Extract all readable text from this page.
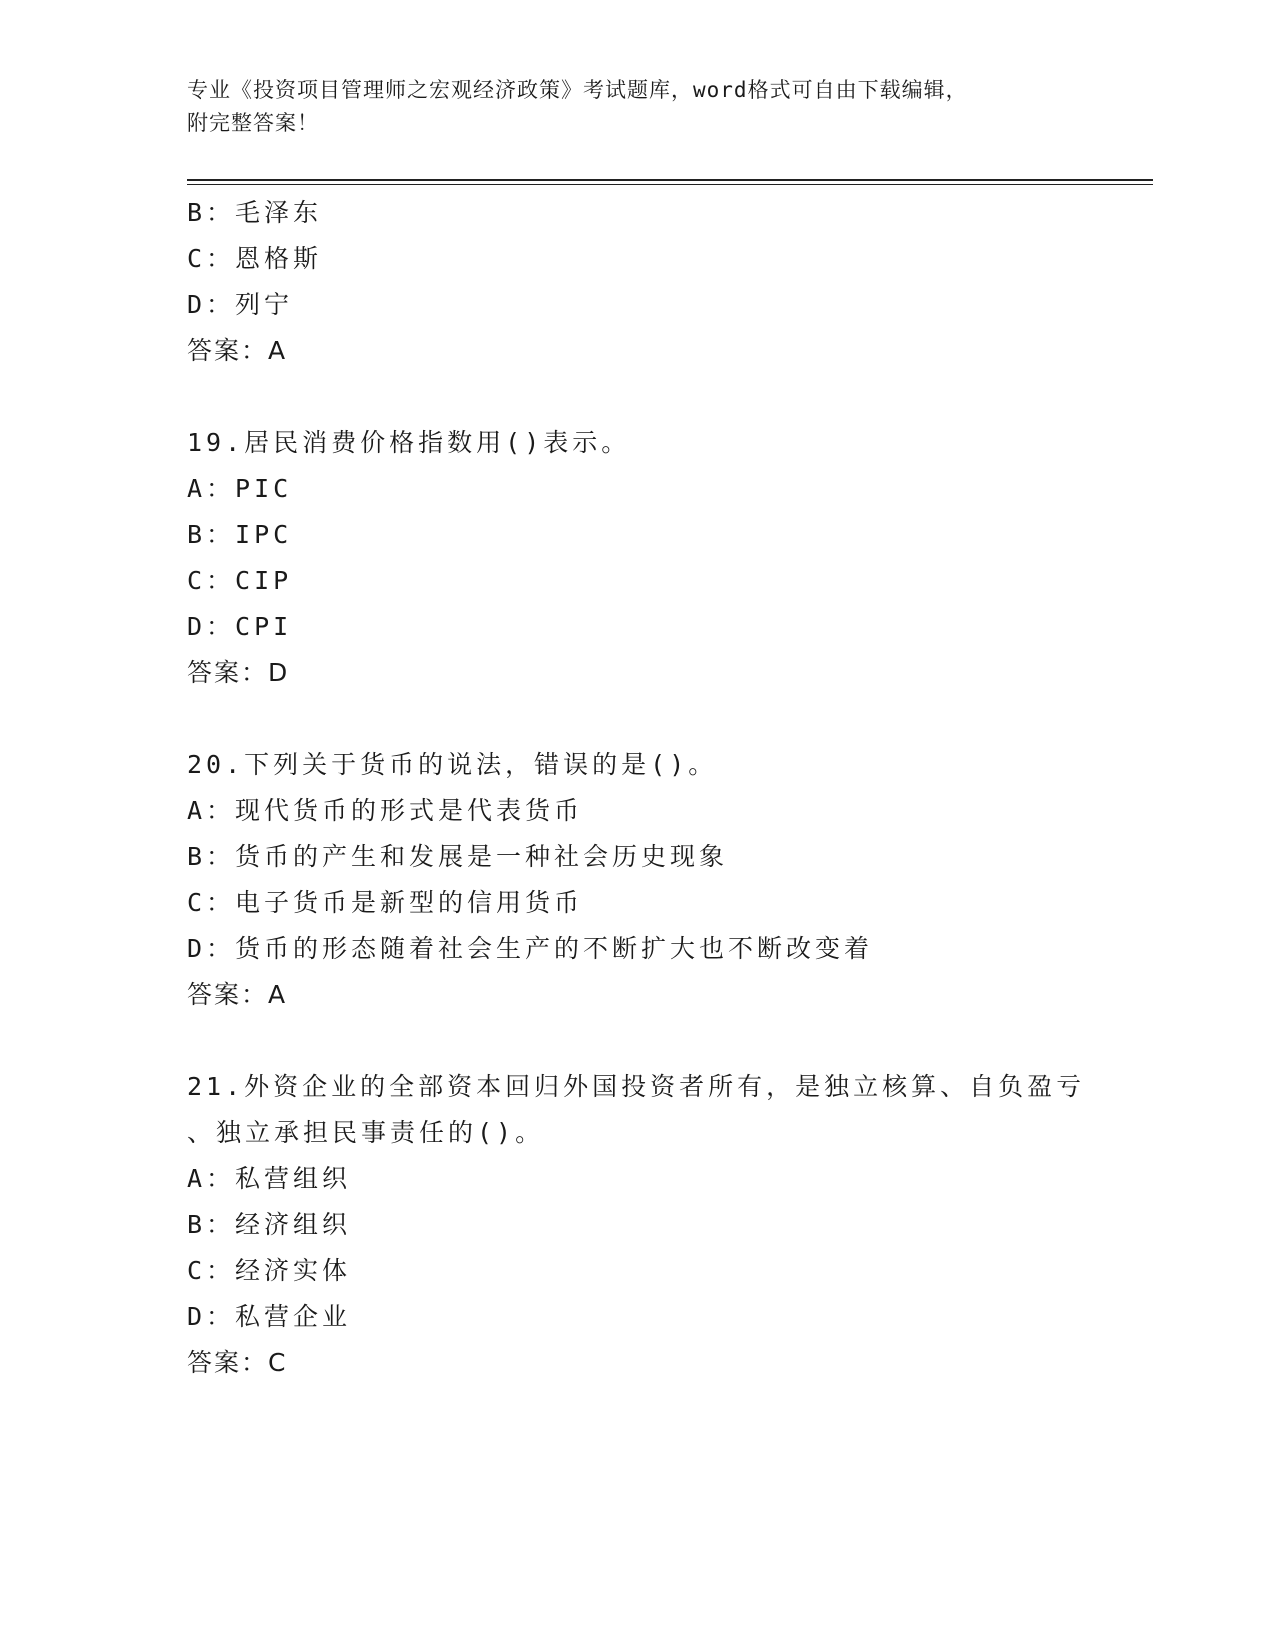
专业《投资项目管理师之宏观经济政策》考试题库，word格式可自由下载编辑，
附完整答案！
B：毛泽东
C：恩格斯
D：列宁
答案：A
19.居民消费价格指数用()表示。
A：PIC
B：IPC
C：CIP
D：CPI
答案：D
20.下列关于货币的说法，错误的是()。
A：现代货币的形式是代表货币
B：货币的产生和发展是一种社会历史现象
C：电子货币是新型的信用货币
D：货币的形态随着社会生产的不断扩大也不断改变着
答案：A
21.外资企业的全部资本回归外国投资者所有，是独立核算、自负盈亏
、独立承担民事责任的()。
A：私营组织
B：经济组织
C：经济实体
D：私营企业
答案：C
